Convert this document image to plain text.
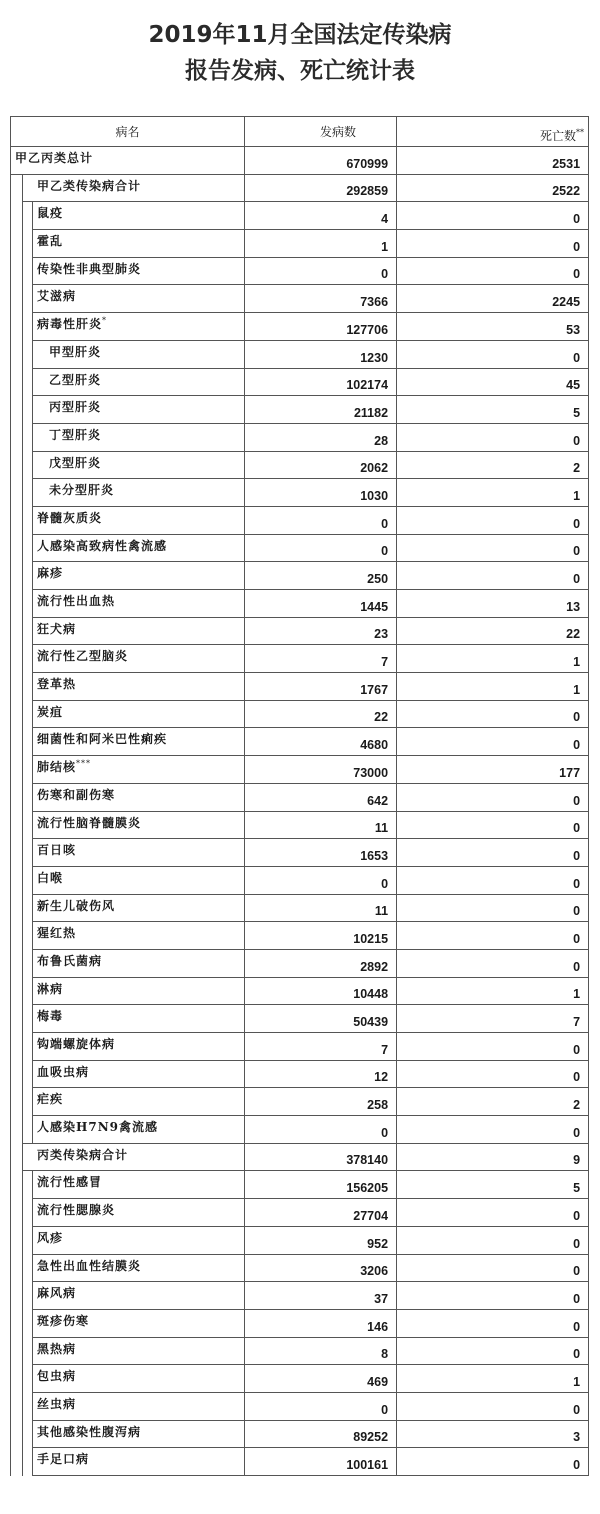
2019年11月全国法定传染病
报告发病、死亡统计表
病名			发病数	死亡数**
甲乙丙类总计			670999	2531
	甲乙类传染病合计		292859	2522
		鼠疫	4	0
		霍乱	1	0
		传染性非典型肺炎	0	0
		艾滋病	7366	2245
		病毒性肝炎*	127706	53
		甲型肝炎	1230	0
		乙型肝炎	102174	45
		丙型肝炎	21182	5
		丁型肝炎	28	0
		戊型肝炎	2062	2
		未分型肝炎	1030	1
		脊髓灰质炎	0	0
		人感染高致病性禽流感	0	0
		麻疹	250	0
		流行性出血热	1445	13
		狂犬病	23	22
		流行性乙型脑炎	7	1
		登革热	1767	1
		炭疽	22	0
		细菌性和阿米巴性痢疾	4680	0
		肺结核***	73000	177
		伤寒和副伤寒	642	0
		流行性脑脊髓膜炎	11	0
		百日咳	1653	0
		白喉	0	0
		新生儿破伤风	11	0
		猩红热	10215	0
		布鲁氏菌病	2892	0
		淋病	10448	1
		梅毒	50439	7
		钩端螺旋体病	7	0
		血吸虫病	12	0
		疟疾	258	2
		人感染H7N9禽流感	0	0
	丙类传染病合计		378140	9
		流行性感冒	156205	5
		流行性腮腺炎	27704	0
		风疹	952	0
		急性出血性结膜炎	3206	0
		麻风病	37	0
		斑疹伤寒	146	0
		黑热病	8	0
		包虫病	469	1
		丝虫病	0	0
		其他感染性腹泻病	89252	3
		手足口病	100161	0
